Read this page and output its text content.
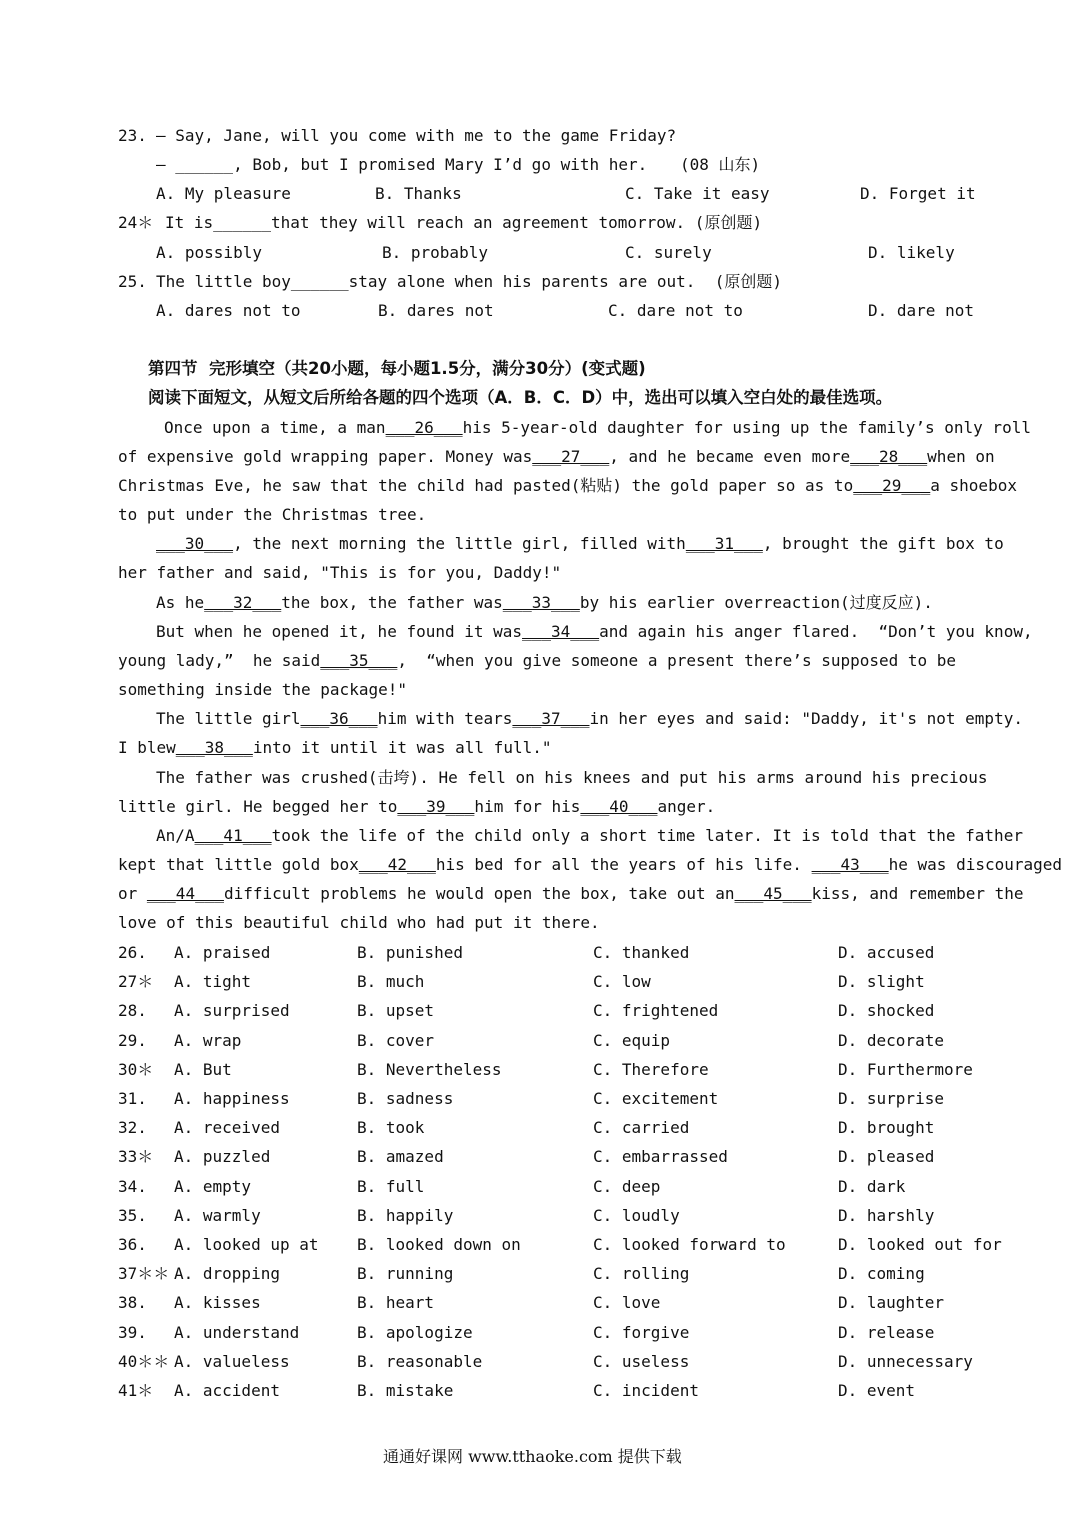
23.

— Say, Jane, will you come with me to the game Friday?

— ______, Bob, but I promised Mary I’d go with her.

(08 山东)

A. My pleasure

	B. Thanks

	C. Take it easy

	D. Forget it

24＊

It is______that they will reach an agreement tomorrow. (原创题)

A. possibly

	B. probably

	C. surely

	D. likely

25.

The little boy______stay alone when his parents are out.  (原创题)

A. dares not to

	B. dares not

	C. dare not to

	D. dare not

第四节  完形填空（共20小题，每小题1.5分，满分30分）(变式题)

阅读下面短文，从短文后所给各题的四个选项（A．B．C．D）中，选出可以填入空白处的最佳选项。

Once upon a time, a man___26___his 5-year-old daughter for using up the family’s only roll

of expensive gold wrapping paper. Money was___27___, and he became even more___28___when on

Christmas Eve, he saw that the child had pasted(粘贴) the gold paper so as to___29___a shoebox

to put under the Christmas tree.

___30___, the next morning the little girl, filled with___31___, brought the gift box to

her father and said, "This is for you, Daddy!"

As he___32___the box, the father was___33___by his earlier overreaction(过度反应).

But when he opened it, he found it was___34___and again his anger flared.  “Don’t you know,

young lady,”  he said___35___,  “when you give someone a present there’s supposed to be

something inside the package!"

The little girl___36___him with tears___37___in her eyes and said: "Daddy, it's not empty.

I blew___38___into it until it was all full."

The father was crushed(击垮). He fell on his knees and put his arms around his precious

little girl. He begged her to___39___him for his___40___anger.

An/A___41___took the life of the child only a short time later. It is told that the father

kept that little gold box___42___his bed for all the years of his life. ___43___he was discouraged

or ___44___difficult problems he would open the box, take out an___45___kiss, and remember the

love of this beautiful child who had put it there.

26. A. praised	B. punished	C. thanked	D. accused
27＊ A. tight	B. much	C. low	D. slight
28. A. surprised	B. upset	C. frightened	D. shocked
29. A. wrap	B. cover	C. equip	D. decorate
30＊ A. But	B. Nevertheless	C. Therefore	D. Furthermore
31. A. happiness	B. sadness	C. excitement	D. surprise
32. A. received	B. took	C. carried	D. brought
33＊ A. puzzled	B. amazed	C. embarrassed	D. pleased
34. A. empty	B. full	C. deep	D. dark
35. A. warmly	B. happily	C. loudly	D. harshly
36. A. looked up at B. looked down on	C. looked forward to	D. looked out for
37＊＊ A. dropping	B. running	C. rolling	D. coming
38. A. kisses	B. heart	C. love	D. laughter
39. A. understand	B. apologize	C. forgive	D. release
40＊＊ A. valueless	B. reasonable	C. useless	D. unnecessary
41＊ A. accident	B. mistake	C. incident	D. event

通通好课网 www.tthaoke.com 提供下载
